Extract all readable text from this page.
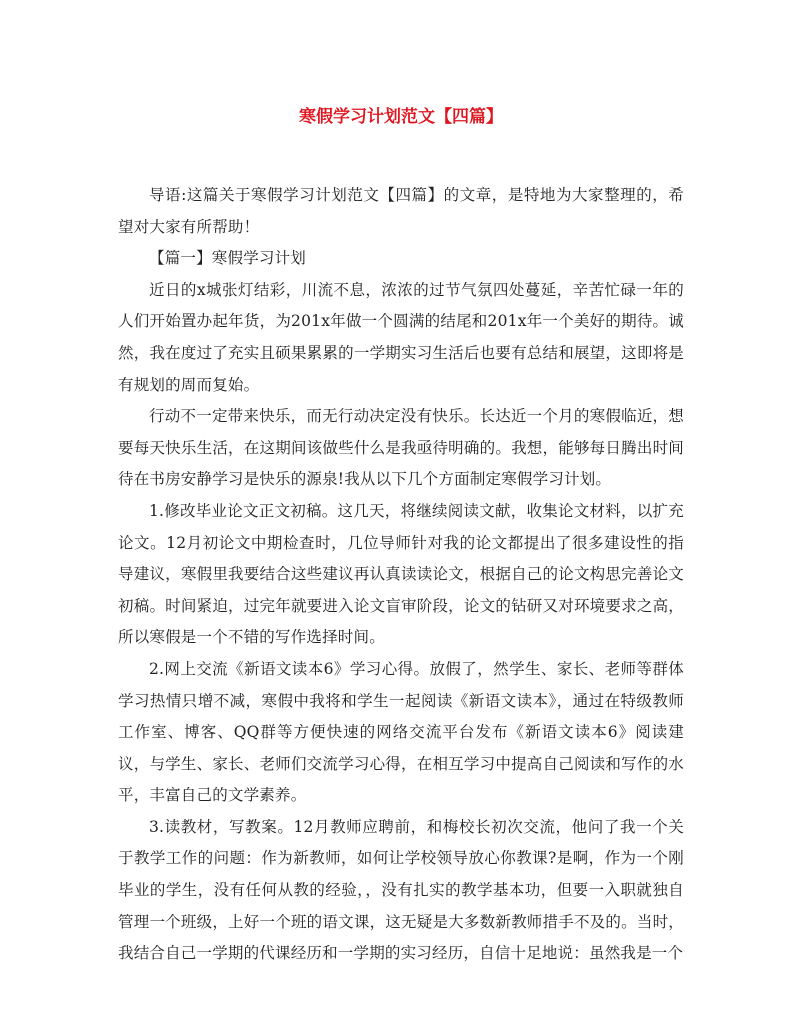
寒假学习计划范文【四篇】

导语:这篇关于寒假学习计划范文【四篇】的文章，是特地为大家整理的，希望对大家有所帮助！

【篇一】寒假学习计划

近日的x城张灯结彩，川流不息，浓浓的过节气氛四处蔓延，辛苦忙碌一年的人们开始置办起年货，为201x年做一个圆满的结尾和201x年一个美好的期待。诚然，我在度过了充实且硕果累累的一学期实习生活后也要有总结和展望，这即将是有规划的周而复始。

行动不一定带来快乐，而无行动决定没有快乐。长达近一个月的寒假临近，想要每天快乐生活，在这期间该做些什么是我亟待明确的。我想，能够每日腾出时间待在书房安静学习是快乐的源泉!我从以下几个方面制定寒假学习计划。

1.修改毕业论文正文初稿。这几天，将继续阅读文献，收集论文材料，以扩充论文。12月初论文中期检查时，几位导师针对我的论文都提出了很多建设性的指导建议，寒假里我要结合这些建议再认真读读论文，根据自己的论文构思完善论文初稿。时间紧迫，过完年就要进入论文盲审阶段，论文的钻研又对环境要求之高，所以寒假是一个不错的写作选择时间。

2.网上交流《新语文读本6》学习心得。放假了，然学生、家长、老师等群体学习热情只增不减，寒假中我将和学生一起阅读《新语文读本》，通过在特级教师工作室、博客、QQ群等方便快速的网络交流平台发布《新语文读本6》阅读建议，与学生、家长、老师们交流学习心得，在相互学习中提高自己阅读和写作的水平，丰富自己的文学素养。

3.读教材，写教案。12月教师应聘前，和梅校长初次交流，他问了我一个关于教学工作的问题：作为新教师，如何让学校领导放心你教课?是啊，作为一个刚毕业的学生，没有任何从教的经验，，没有扎实的教学基本功，但要一入职就独自管理一个班级，上好一个班的语文课，这无疑是大多数新教师措手不及的。当时，我结合自己一学期的代课经历和一学期的实习经历，自信十足地说：虽然我是一个
